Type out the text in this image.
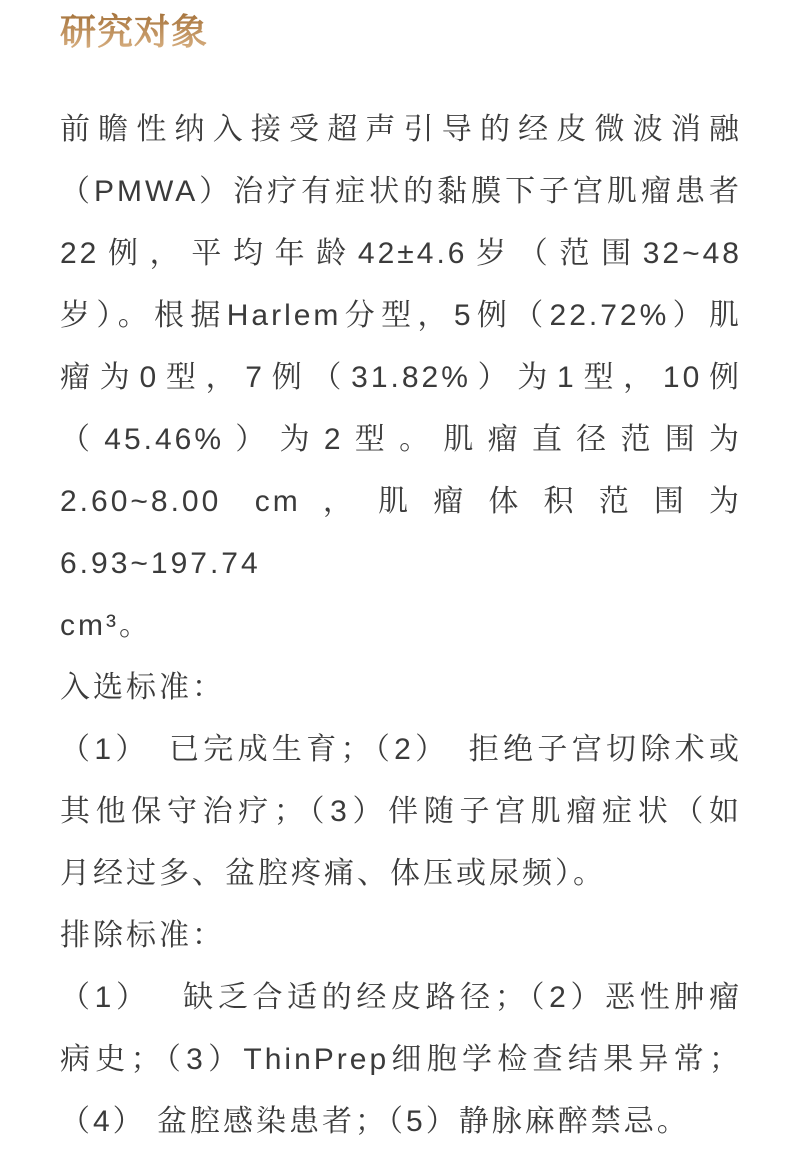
研究对象
前瞻性纳入接受超声引导的经皮微波消融
（PMWA）治疗有症状的黏膜下子宫肌瘤患者
22例，平均年龄42±4.6岁（范围32~48
岁）。根据Harlem分型，5例（22.72%）肌
瘤为0型，7例（31.82%）为1型，10例
（45.46%）为2型。肌瘤直径范围为
2.60~8.00 cm，肌瘤体积范围为6.93~197.74
cm³。
入选标准：
（1）　已完成生育；（2）　拒绝子宫切除术或
其他保守治疗；（3）伴随子宫肌瘤症状（如
月经过多、盆腔疼痛、体压或尿频）。
排除标准：
（1）　 缺乏合适的经皮路径；（2）恶性肿瘤
病史；（3）ThinPrep细胞学检查结果异常；
（4） 盆腔感染患者；（5）静脉麻醉禁忌。
